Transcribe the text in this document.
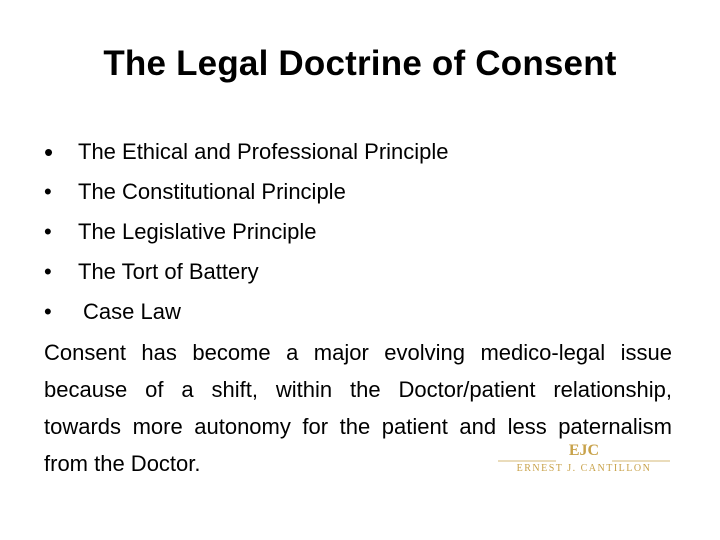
The Legal Doctrine of Consent
•	The Ethical and Professional Principle
•	The Constitutional Principle
•	The Legislative Principle
•	The Tort of Battery
•	Case Law

Consent has become a major evolving medico-legal issue because of a shift, within the Doctor/patient relationship, towards more autonomy for the patient and less paternalism from the Doctor.

EJC
ERNEST J. CANTILLON
